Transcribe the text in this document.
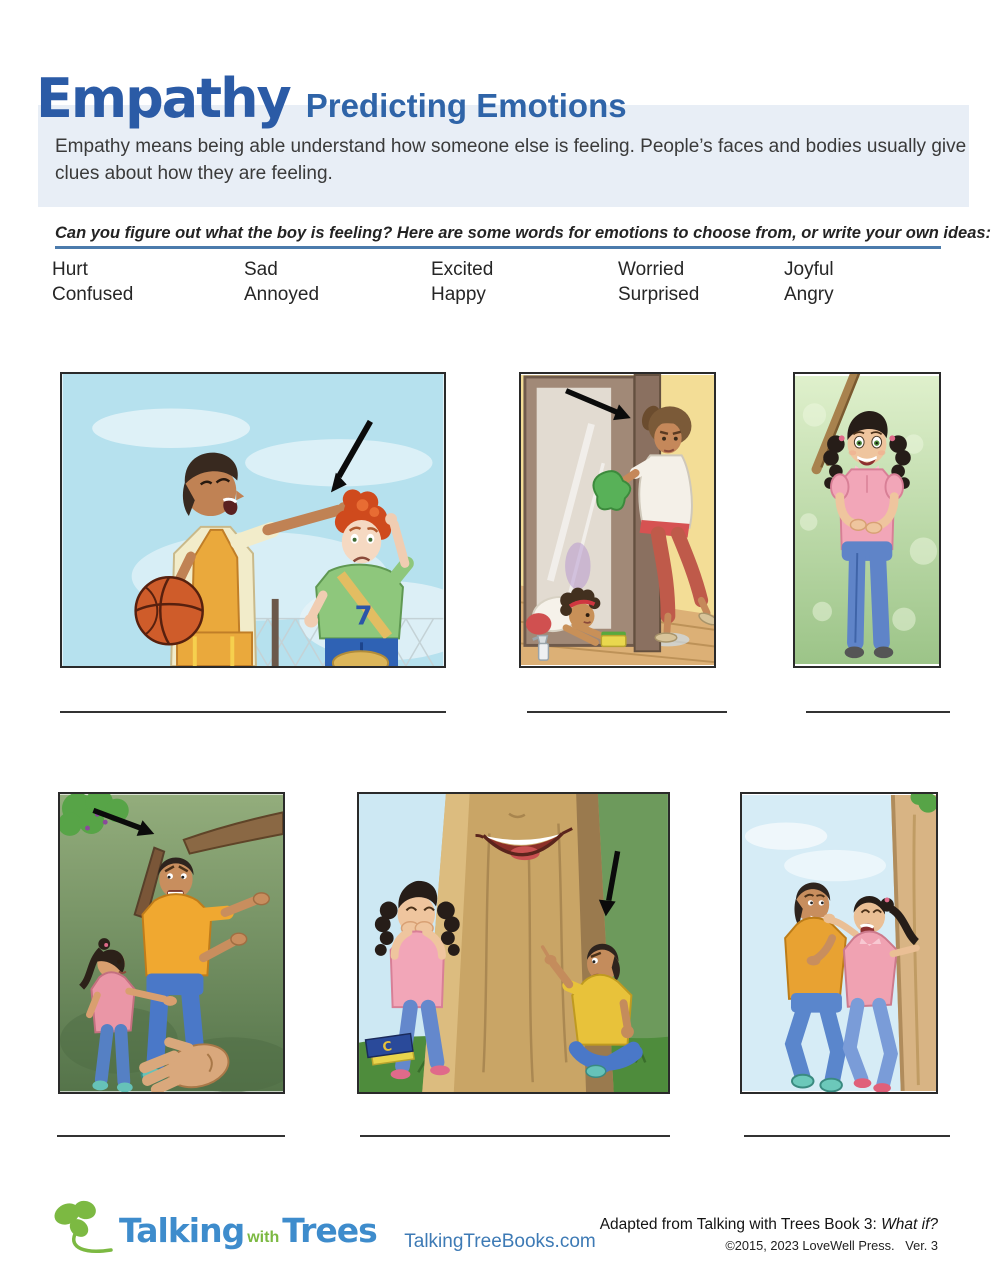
Empathy Predicting Emotions
Empathy means being able understand how someone else is feeling. People’s faces and bodies usually give
clues about how they are feeling.
Can you figure out what the boy is feeling? Here are some words for emotions to choose from, or write your own ideas:
Hurt	Sad	Excited	Worried	Joyful
Confused	Annoyed	Happy	Surprised	Angry
7
C
Talking with Trees	TalkingTreeBooks.com
Adapted from Talking with Trees Book 3: What if?
©2015, 2023 LoveWell Press.   Ver. 3
